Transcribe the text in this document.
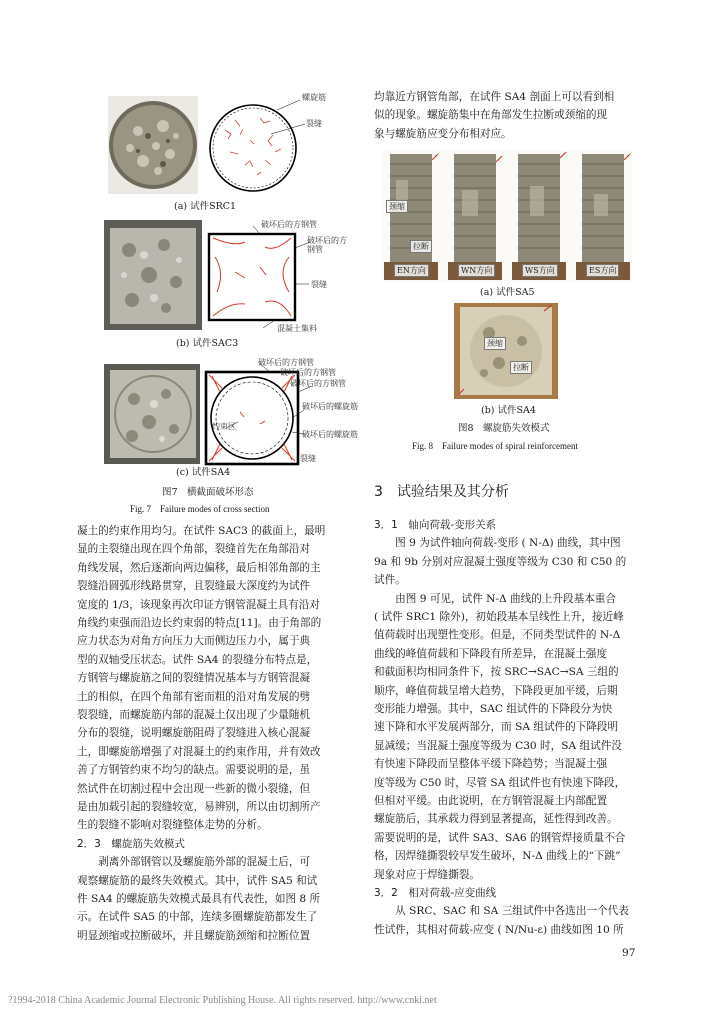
螺旋筋
裂缝
(a) 试件SRC1
破坏后的方钢管
破坏后的方钢管
裂缝
混凝土集料
(b) 试件SAC3
破坏后的方钢管
破坏后的方钢管
破坏后的方钢管
破坏后的螺旋筋
破坏后的螺旋筋
约束区
裂缝
(c) 试件SA4
图7　横截面破坏形态
Fig. 7　Failure modes of cross section
凝土的约束作用均匀。在试件 SAC3 的截面上，最明
显的主裂缝出现在四个角部，裂缝首先在角部沿对
角线发展，然后逐渐向两边偏移，最后相邻角部的主
裂缝沿圆弧形线路贯穿，且裂缝最大深度约为试件
宽度的 1/3，该现象再次印证方钢管混凝土具有沿对
角线约束强而沿边长约束弱的特点[11]。由于角部的
应力状态为对角方向压力大而侧边压力小，属于典
型的双轴受压状态。试件 SA4 的裂缝分布特点是，
方钢管与螺旋筋之间的裂缝情况基本与方钢管混凝
土的相似，在四个角部有密而粗的沿对角发展的劈
裂裂缝，而螺旋筋内部的混凝土仅出现了少量随机
分布的裂缝，说明螺旋筋阻碍了裂缝进入核心混凝
土，即螺旋筋增强了对混凝土的约束作用，并有效改
善了方钢管约束不均匀的缺点。需要说明的是，虽
然试件在切割过程中会出现一些新的微小裂缝，但
是由加载引起的裂缝较宽，易辨别，所以由切割所产
生的裂缝不影响对裂缝整体走势的分析。
2．3　螺旋筋失效模式
　　剥离外部钢管以及螺旋筋外部的混凝土后，可
观察螺旋筋的最终失效模式。其中，试件 SA5 和试
件 SA4 的螺旋筋失效模式最具有代表性，如图 8 所
示。在试件 SA5 的中部，连续多圈螺旋筋都发生了
明显颈缩或拉断破坏，并且螺旋筋颈缩和拉断位置
均靠近方钢管角部，在试件 SA4 剖面上可以看到相
似的现象。螺旋筋集中在角部发生拉断或颈缩的现
象与螺旋筋应变分布相对应。
颈缩
拉断
EN方向	WN方向	WS方向	ES方向
(a) 试件SA5
颈缩
拉断
(b) 试件SA4
图8　螺旋筋失效模式
Fig. 8　Failure modes of spiral reinforcement
3　试验结果及其分析
3．1　轴向荷载-变形关系
　　图 9 为试件轴向荷载-变形 ( N-Δ) 曲线，其中图
9a 和 9b 分别对应混凝土强度等级为 C30 和 C50 的
试件。
　　由图 9 可见，试件 N-Δ 曲线的上升段基本重合
( 试件 SRC1 除外)，初始段基本呈线性上升，接近峰
值荷载时出现塑性变形。但是，不同类型试件的 N-Δ
曲线的峰值荷载和下降段有所差异，在混凝土强度
和截面积均相同条件下，按 SRC→SAC→SA 三组的
顺序，峰值荷载呈增大趋势，下降段更加平缓，后期
变形能力增强。其中，SAC 组试件的下降段分为快
速下降和水平发展两部分，而 SA 组试件的下降段明
显减缓；当混凝土强度等级为 C30 时，SA 组试件没
有快速下降段而呈整体平缓下降趋势；当混凝土强
度等级为 C50 时，尽管 SA 组试件也有快速下降段，
但相对平缓。由此说明，在方钢管混凝土内部配置
螺旋筋后，其承载力得到显著提高，延性得到改善。
需要说明的是，试件 SA3、SA6 的钢管焊接质量不合
格，因焊缝撕裂较早发生破坏，N-Δ 曲线上的“下跳”
现象对应于焊缝撕裂。
3．2　相对荷载-应变曲线
　　从 SRC、SAC 和 SA 三组试件中各选出一个代表
性试件，其相对荷载-应变 ( N/Nu-ε) 曲线如图 10 所
97
?1994-2018 China Academic Journal Electronic Publishing House. All rights reserved. http://www.cnki.net
